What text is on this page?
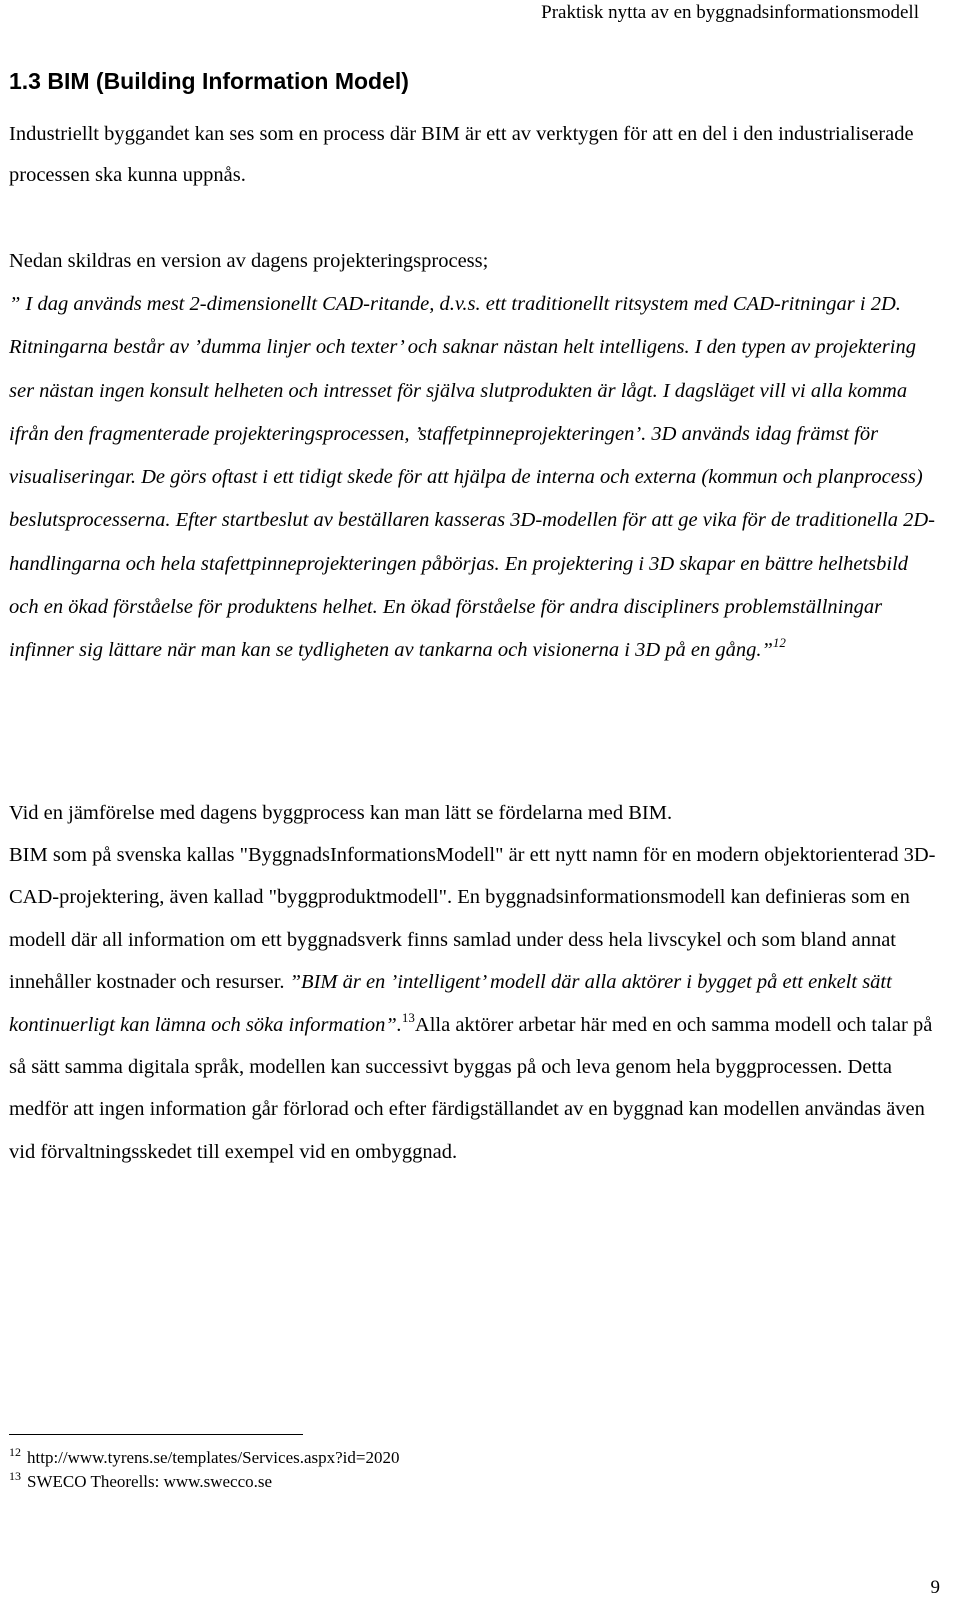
Praktisk nytta av en byggnadsinformationsmodell
1.3 BIM (Building Information Model)
Industriellt byggandet kan ses som en process där BIM är ett av verktygen för att en del i den industrialiserade processen ska kunna uppnås.
Nedan skildras en version av dagens projekteringsprocess;
” I dag används mest 2-dimensionellt CAD-ritande, d.v.s. ett traditionellt ritsystem med CAD-ritningar i 2D. Ritningarna består av ’dumma linjer och texter’ och saknar nästan helt intelligens. I den typen av projektering ser nästan ingen konsult helheten och intresset för själva slutprodukten är lågt. I dagsläget vill vi alla komma ifrån den fragmenterade projekteringsprocessen, ’staffetpinneprojekteringen’. 3D används idag främst för visualiseringar. De görs oftast i ett tidigt skede för att hjälpa de interna och externa (kommun och planprocess) beslutsprocesserna. Efter startbeslut av beställaren kasseras 3D-modellen för att ge vika för de traditionella 2D-handlingarna och hela stafettpinneprojekteringen påbörjas. En projektering i 3D skapar en bättre helhetsbild och en ökad förståelse för produktens helhet. En ökad förståelse för andra discipliners problemställningar infinner sig lättare när man kan se tydligheten av tankarna och visionerna i 3D på en gång.”$^{12}$
Vid en jämförelse med dagens byggprocess kan man lätt se fördelarna med BIM.
BIM som på svenska kallas "ByggnadsInformationsModell" är ett nytt namn för en modern objektorienterad 3D-CAD-projektering, även kallad "byggproduktmodell". En byggnadsinformationsmodell kan definieras som en modell där all information om ett byggnadsverk finns samlad under dess hela livscykel och som bland annat innehåller kostnader och resurser. ”BIM är en ’intelligent’ modell där alla aktörer i bygget på ett enkelt sätt kontinuerligt kan lämna och söka information”.$^{13}$Alla aktörer arbetar här med en och samma modell och talar på så sätt samma digitala språk, modellen kan successivt byggas på och leva genom hela byggprocessen. Detta medför att ingen information går förlorad och efter färdigställandet av en byggnad kan modellen användas även vid förvaltningsskedet till exempel vid en ombyggnad.
$^{12}$ http://www.tyrens.se/templates/Services.aspx?id=2020
$^{13}$ SWECO Theorells: www.swecco.se
9
